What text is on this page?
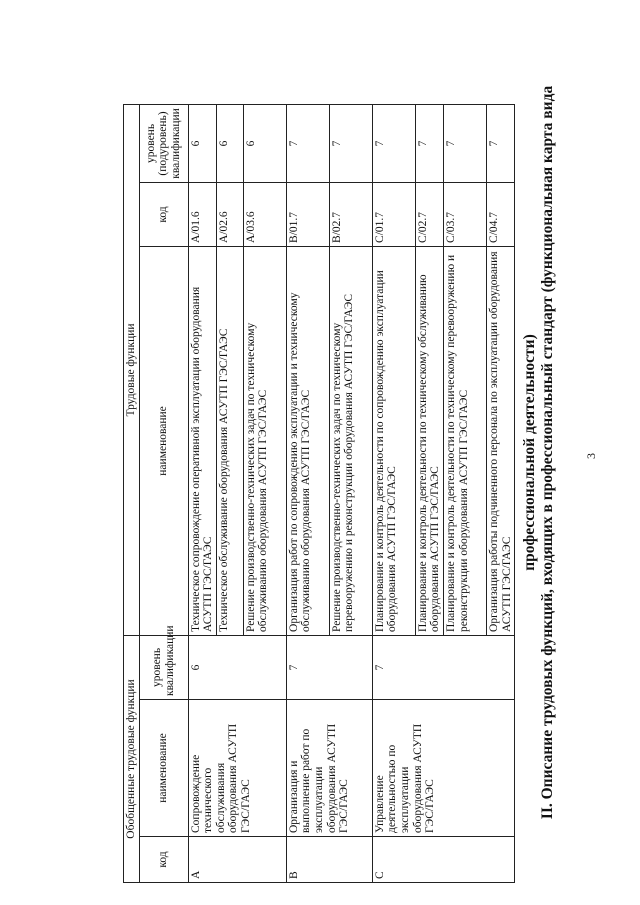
3
II. Описание трудовых функций, входящих в профессиональный стандарт (функциональная карта вида
профессиональной деятельности)
Обобщенные трудовые функции			Трудовые функции		
код	наименование	уровень квалификации	наименование	код	уровень (подуровень) квалификации
A	Сопровождение технического обслуживания оборудования АСУТП ГЭС/ГАЭС	6	Техническое сопровождение оперативной эксплуатации оборудования АСУТП ГЭС/ГАЭС	A/01.6	6
			Техническое обслуживание оборудования АСУТП ГЭС/ГАЭС	A/02.6	6
			Решение производственно-технических задач по техническому обслуживанию оборудования АСУТП ГЭС/ГАЭС	A/03.6	6
B	Организация и выполнение работ по эксплуатации оборудования АСУТП ГЭС/ГАЭС	7	Организация работ по сопровождению эксплуатации и техническому обслуживанию оборудования АСУТП ГЭС/ГАЭС	B/01.7	7
			Решение производственно-технических задач по техническому перевооружению и реконструкции оборудования АСУТП ГЭС/ГАЭС	B/02.7	7
C	Управление деятельностью по эксплуатации оборудования АСУТП ГЭС/ГАЭС	7	Планирование и контроль деятельности по сопровождению эксплуатации оборудования АСУТП ГЭС/ГАЭС	C/01.7	7
			Планирование и контроль деятельности по техническому обслуживанию оборудования АСУТП ГЭС/ГАЭС	C/02.7	7
			Планирование и контроль деятельности по техническому перевооружению и реконструкции оборудования АСУТП ГЭС/ГАЭС	C/03.7	7
			Организация работы подчиненного персонала по эксплуатации оборудования АСУТП ГЭС/ГАЭС	C/04.7	7
